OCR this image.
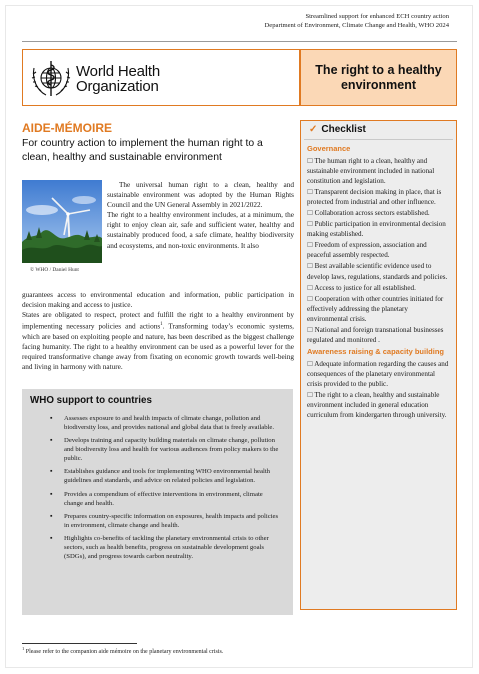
Streamlined support for enhanced ECH country action
Department of Environment, Climate Change and Health, WHO 2024
World Health
Organization
The right to a healthy
environment
AIDE-MÉMOIRE
For country action to implement the human right to a clean, healthy and sustainable environment
© WHO / Daniel Hunt

The universal human right to a clean, healthy and sustainable environment was adopted by the Human Rights Council and the UN General Assembly in 2021/2022.

The right to a healthy environment includes, at a minimum, the right to enjoy clean air, safe and sufficient water, healthy and sustainably produced food, a safe climate, healthy biodiversity and ecosystems, and non-toxic environments. It also

guarantees access to environmental education and information, public participation in decision making and access to justice.

States are obligated to respect, protect and fulfill the right to a healthy environment by implementing necessary policies and actions$^1$. Transforming today’s economic systems, which are based on exploiting people and nature, has been described as the biggest challenge facing humanity. The right to a healthy environment can be used as a powerful lever for the required transformative change away from fixating on economic growth towards well-being and living in harmony with nature.

WHO support to countries
▪ Assesses exposure to and health impacts of climate change, pollution and biodiversity loss, and provides national and global data that is freely available.
▪ Develops training and capacity building materials on climate change, pollution and biodiversity loss and health for various audiences from policy makers to the public.
▪ Establishes guidance and tools for implementing WHO environmental health guidelines and standards, and advice on related policies and legislation.
▪ Provides a compendium of effective interventions in environment, climate change and health.
▪ Prepares country-specific information on exposures, health impacts and policies in environment, climate change and health.
▪ Highlights co-benefits of tackling the planetary environmental crisis to other sectors, such as health benefits, progress on sustainable development goals (SDGs), and progress towards carbon neutrality.
✓ Checklist
Governance
☐ The human right to a clean, healthy and sustainable environment included in national constitution and legislation.
☐ Transparent decision making in place, that is protected from industrial and other influence.
☐ Collaboration across sectors established.
☐ Public participation in environmental decision making established.
☐ Freedom of expression, association and peaceful assembly respected.
☐ Best available scientific evidence used to develop laws, regulations, standards and policies.
☐ Access to justice for all established.
☐ Cooperation with other countries initiated for effectively addressing the planetary environmental crisis.
☐ National and foreign transnational businesses regulated and monitored .
Awareness raising & capacity building
☐ Adequate information regarding the causes and consequences of the planetary environmental crisis provided to the public.
☐ The right to a clean, healthy and sustainable environment included in general education curriculum from kindergarten through university.
$^1$ Please refer to the companion aide mémoire on the planetary environmental crisis.
